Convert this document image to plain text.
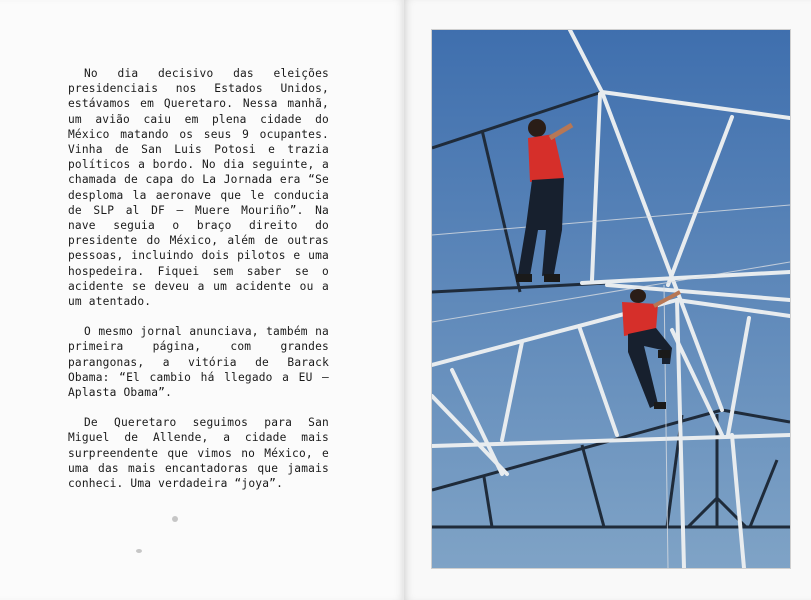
No dia decisivo das eleições presidenciais nos Estados Unidos, estávamos em Queretaro. Nessa manhã, um avião caiu em plena cidade do México matando os seus 9 ocupantes. Vinha de San Luis Potosi e trazia políticos a bordo. No dia seguinte, a chamada de capa do La Jornada era “Se desploma la aeronave que le conducia de SLP al DF – Muere Mouriño”. Na nave seguia o braço direito do presidente do México, além de outras pessoas, incluindo dois pilotos e uma hospedeira. Fiquei sem saber se o acidente se deveu a um acidente ou a um atentado.

O mesmo jornal anunciava, também na primeira página, com grandes parangonas, a vitória de Barack Obama: “El cambio há llegado a EU – Aplasta Obama”.

De Queretaro seguimos para San Miguel de Allende, a cidade mais surpreendente que vimos no México, e uma das mais encantadoras que jamais conheci. Uma verdadeira “joya”.
